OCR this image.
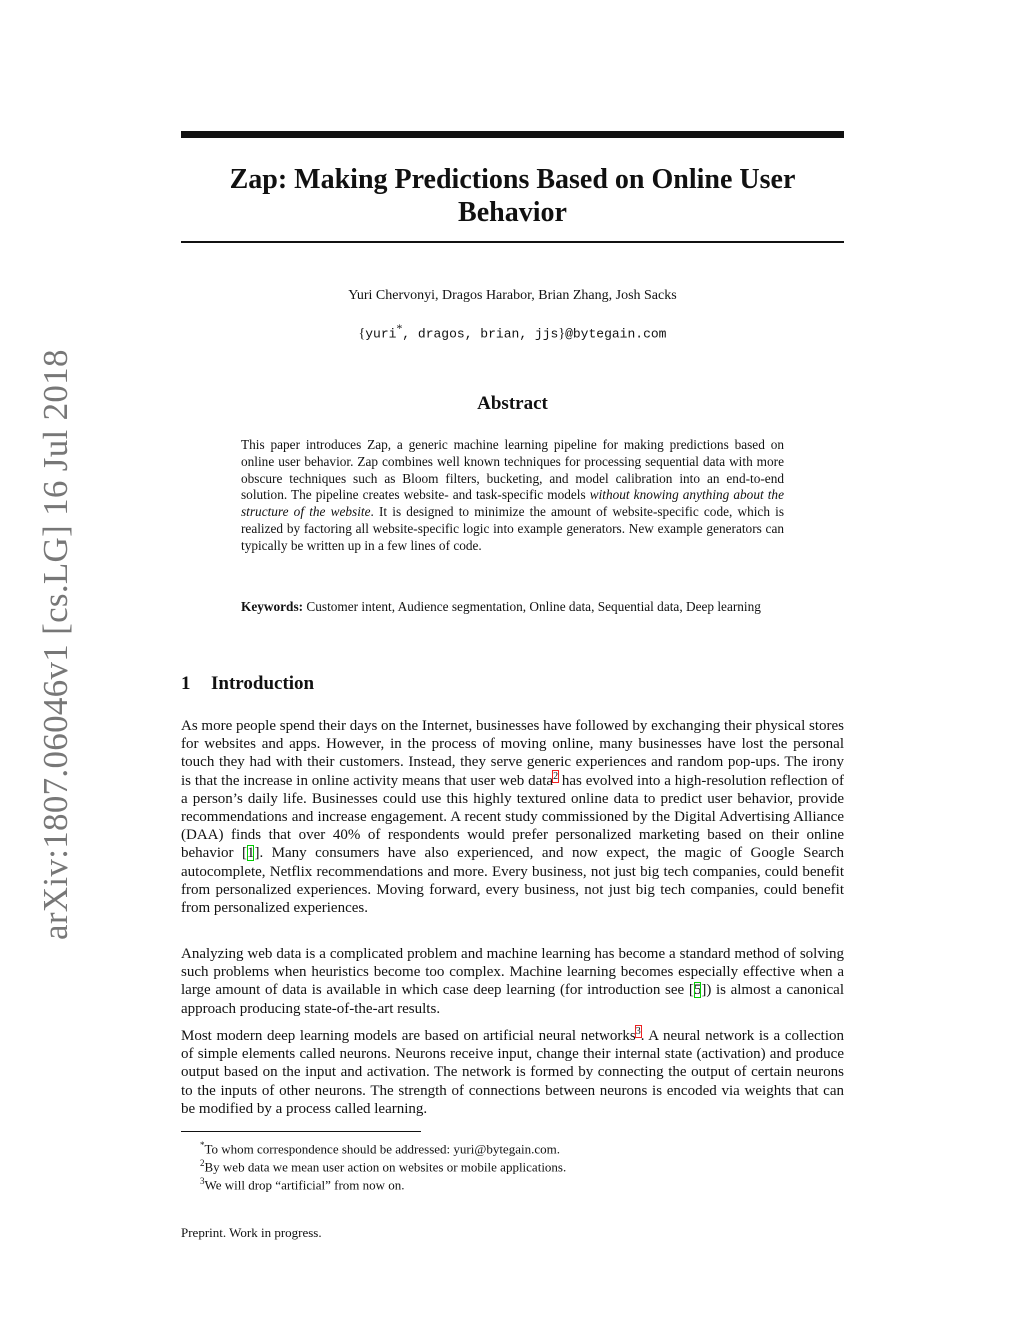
arXiv:1807.06046v1 [cs.LG] 16 Jul 2018
Zap: Making Predictions Based on Online User Behavior
Yuri Chervonyi, Dragos Harabor, Brian Zhang, Josh Sacks
{yuri*, dragos, brian, jjs}@bytegain.com
Abstract
This paper introduces Zap, a generic machine learning pipeline for making predictions based on online user behavior. Zap combines well known techniques for processing sequential data with more obscure techniques such as Bloom filters, bucketing, and model calibration into an end-to-end solution. The pipeline creates website- and task-specific models without knowing anything about the structure of the website. It is designed to minimize the amount of website-specific code, which is realized by factoring all website-specific logic into example generators. New example generators can typically be written up in a few lines of code.
Keywords: Customer intent, Audience segmentation, Online data, Sequential data, Deep learning
1 Introduction
As more people spend their days on the Internet, businesses have followed by exchanging their physical stores for websites and apps. However, in the process of moving online, many businesses have lost the personal touch they had with their customers. Instead, they serve generic experiences and random pop-ups. The irony is that the increase in online activity means that user web data$^2$ has evolved into a high-resolution reflection of a person’s daily life. Businesses could use this highly textured online data to predict user behavior, provide recommendations and increase engagement. A recent study commissioned by the Digital Advertising Alliance (DAA) finds that over 40% of respondents would prefer personalized marketing based on their online behavior [1]. Many consumers have also experienced, and now expect, the magic of Google Search autocomplete, Netflix recommendations and more. Every business, not just big tech companies, could benefit from personalized experiences. Moving forward, every business, not just big tech companies, could benefit from personalized experiences.
Analyzing web data is a complicated problem and machine learning has become a standard method of solving such problems when heuristics become too complex. Machine learning becomes especially effective when a large amount of data is available in which case deep learning (for introduction see [5]) is almost a canonical approach producing state-of-the-art results.
Most modern deep learning models are based on artificial neural networks$^3$. A neural network is a collection of simple elements called neurons. Neurons receive input, change their internal state (activation) and produce output based on the input and activation. The network is formed by connecting the output of certain neurons to the inputs of other neurons. The strength of connections between neurons is encoded via weights that can be modified by a process called learning.
*To whom correspondence should be addressed: yuri@bytegain.com.
$^2$By web data we mean user action on websites or mobile applications.
$^3$We will drop “artificial” from now on.
Preprint. Work in progress.
